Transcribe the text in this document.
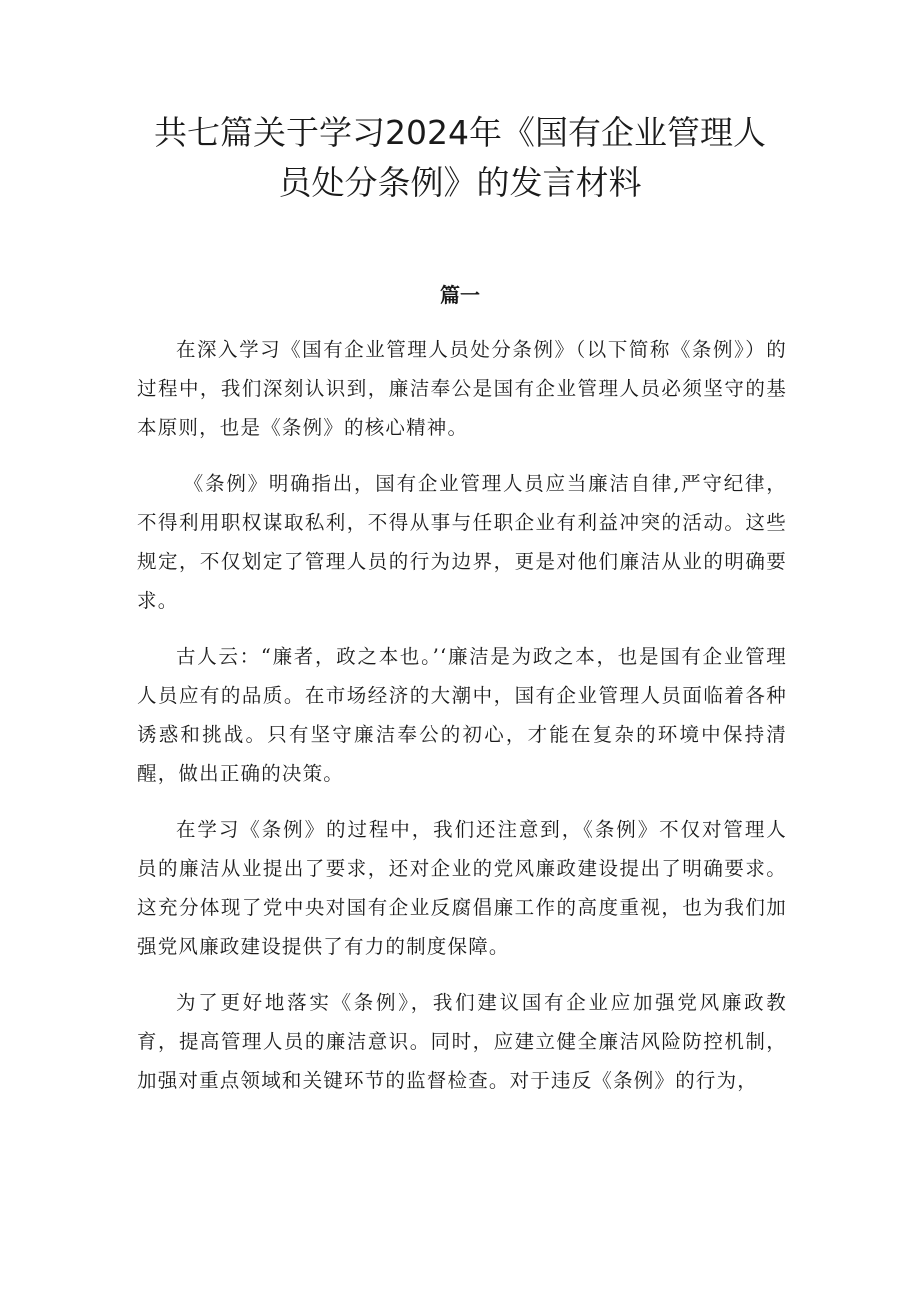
共七篇关于学习2024年《国有企业管理人
员处分条例》的发言材料
篇一

在深入学习《国有企业管理人员处分条例》（以下简称《条例》）的过程中，我们深刻认识到，廉洁奉公是国有企业管理人员必须坚守的基本原则，也是《条例》的核心精神。

《条例》明确指出，国有企业管理人员应当廉洁自律,严守纪律，不得利用职权谋取私利，不得从事与任职企业有利益冲突的活动。这些规定，不仅划定了管理人员的行为边界，更是对他们廉洁从业的明确要求。

古人云：“廉者，政之本也。’‘廉洁是为政之本，也是国有企业管理人员应有的品质。在市场经济的大潮中，国有企业管理人员面临着各种诱惑和挑战。只有坚守廉洁奉公的初心，才能在复杂的环境中保持清醒，做出正确的决策。

在学习《条例》的过程中，我们还注意到，《条例》不仅对管理人员的廉洁从业提出了要求，还对企业的党风廉政建设提出了明确要求。这充分体现了党中央对国有企业反腐倡廉工作的高度重视，也为我们加强党风廉政建设提供了有力的制度保障。

为了更好地落实《条例》，我们建议国有企业应加强党风廉政教育，提高管理人员的廉洁意识。同时，应建立健全廉洁风险防控机制，加强对重点领域和关键环节的监督检查。对于违反《条例》的行为，
